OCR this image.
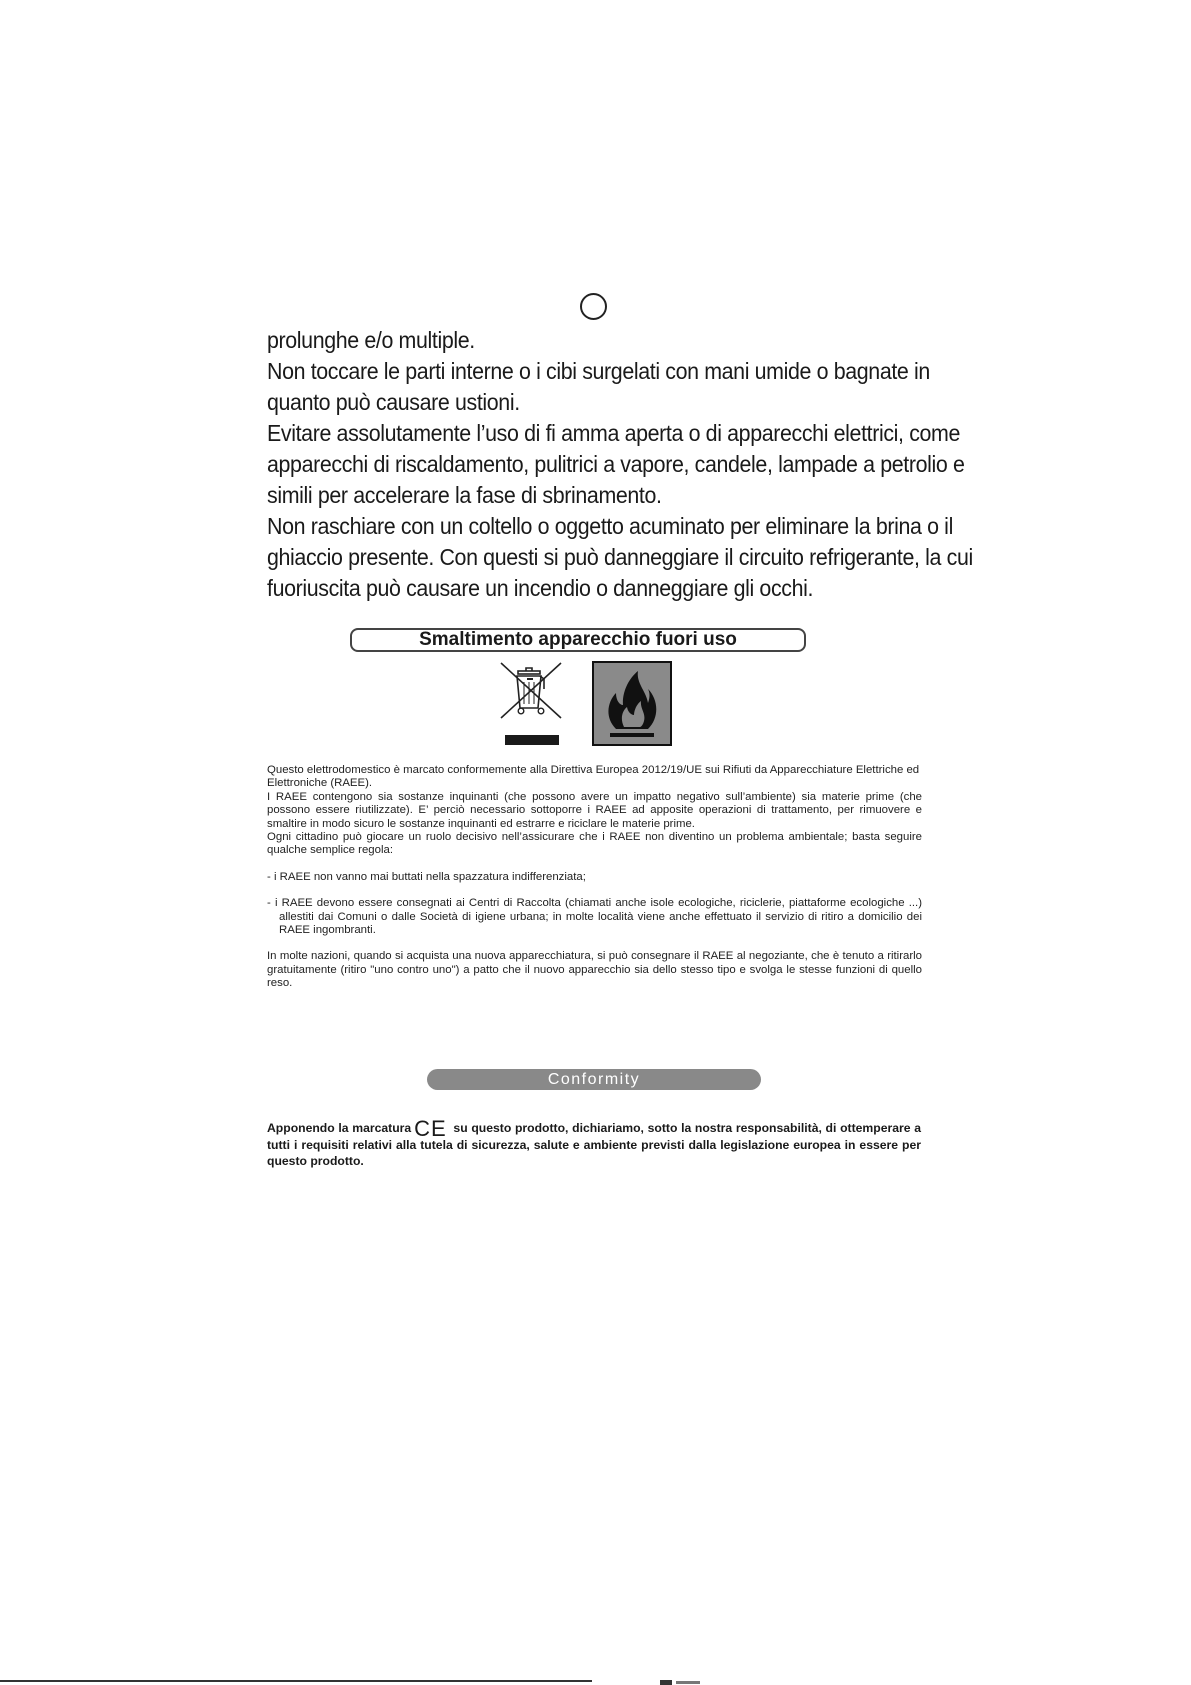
prolunghe e/o multiple.

Non toccare le parti interne o i cibi surgelati con mani umide o bagnate in

quanto può causare ustioni.

Evitare assolutamente l’uso di fi amma aperta o di apparecchi elettrici, come

apparecchi di riscaldamento, pulitrici a vapore, candele, lampade a petrolio e

simili per accelerare la fase di sbrinamento.

Non raschiare con un coltello o oggetto acuminato per eliminare la brina o il

ghiaccio presente. Con questi si può danneggiare il circuito refrigerante, la cui

fuoriuscita può causare un incendio o danneggiare gli occhi.

Smaltimento apparecchio fuori uso

Questo elettrodomestico è marcato conformemente alla Direttiva Europea 2012/19/UE sui Rifiuti da Apparecchiature Elettriche ed Elettroniche (RAEE).

I RAEE contengono sia sostanze inquinanti (che possono avere un impatto negativo sull’ambiente) sia materie prime (che possono essere riutilizzate). E’ perciò necessario sottoporre i RAEE ad apposite operazioni di trattamento, per rimuovere e smaltire in modo sicuro le sostanze inquinanti ed estrarre e riciclare le materie prime.

Ogni cittadino può giocare un ruolo decisivo nell’assicurare che i RAEE non diventino un problema ambientale; basta seguire qualche semplice regola:

- i RAEE non vanno mai buttati nella spazzatura indifferenziata;

- i RAEE devono essere consegnati ai Centri di Raccolta (chiamati anche isole ecologiche, riciclerie, piattaforme ecologiche ...) allestiti dai Comuni o dalle Società di igiene urbana; in molte località viene anche effettuato il servizio di ritiro a domicilio dei RAEE ingombranti.

In molte nazioni, quando si acquista una nuova apparecchiatura, si può consegnare il RAEE al negoziante, che è tenuto a ritirarlo gratuitamente (ritiro "uno contro uno") a patto che il nuovo apparecchio sia dello stesso tipo e svolga le stesse funzioni di quello reso.

Conformity
Apponendo la marcatura CE su questo prodotto, dichiariamo, sotto la nostra responsabilità, di ottemperare a tutti i requisiti relativi alla tutela di sicurezza, salute e ambiente previsti dalla legislazione europea in essere per questo prodotto.
